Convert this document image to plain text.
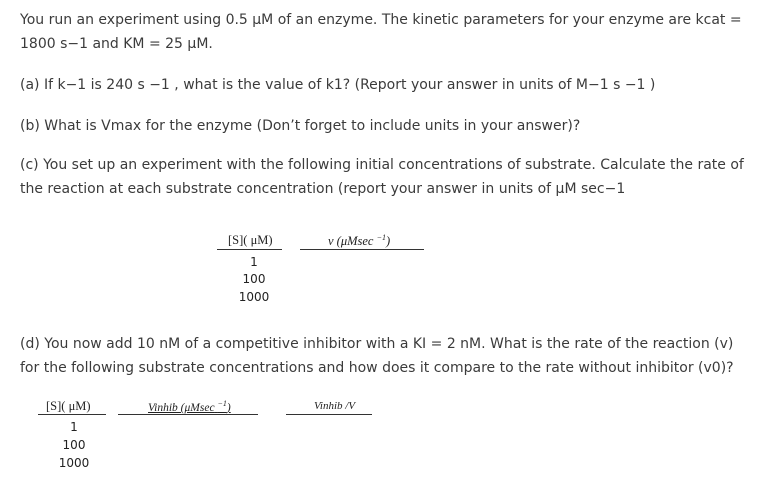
You run an experiment using 0.5 μM of an enzyme. The kinetic parameters for your enzyme are kcat = 1800 s−1 and KM = 25 μM.
(a) If k−1 is 240 s −1 , what is the value of k1? (Report your answer in units of M−1 s −1 )
(b) What is Vmax for the enzyme (Don’t forget to include units in your answer)?
(c) You set up an experiment with the following initial concentrations of substrate. Calculate the rate of the reaction at each substrate concentration (report your answer in units of μM sec−1
[S]( μM)	v (μMsec $^{-1}$)
1
100
1000
(d) You now add 10 nM of a competitive inhibitor with a KI = 2 nM. What is the rate of the reaction (v) for the following substrate concentrations and how does it compare to the rate without inhibitor (v0)?
[S]( μM)	Vinhib (μMsec $^{-1}$)	Vinhib /V
1
100
1000
